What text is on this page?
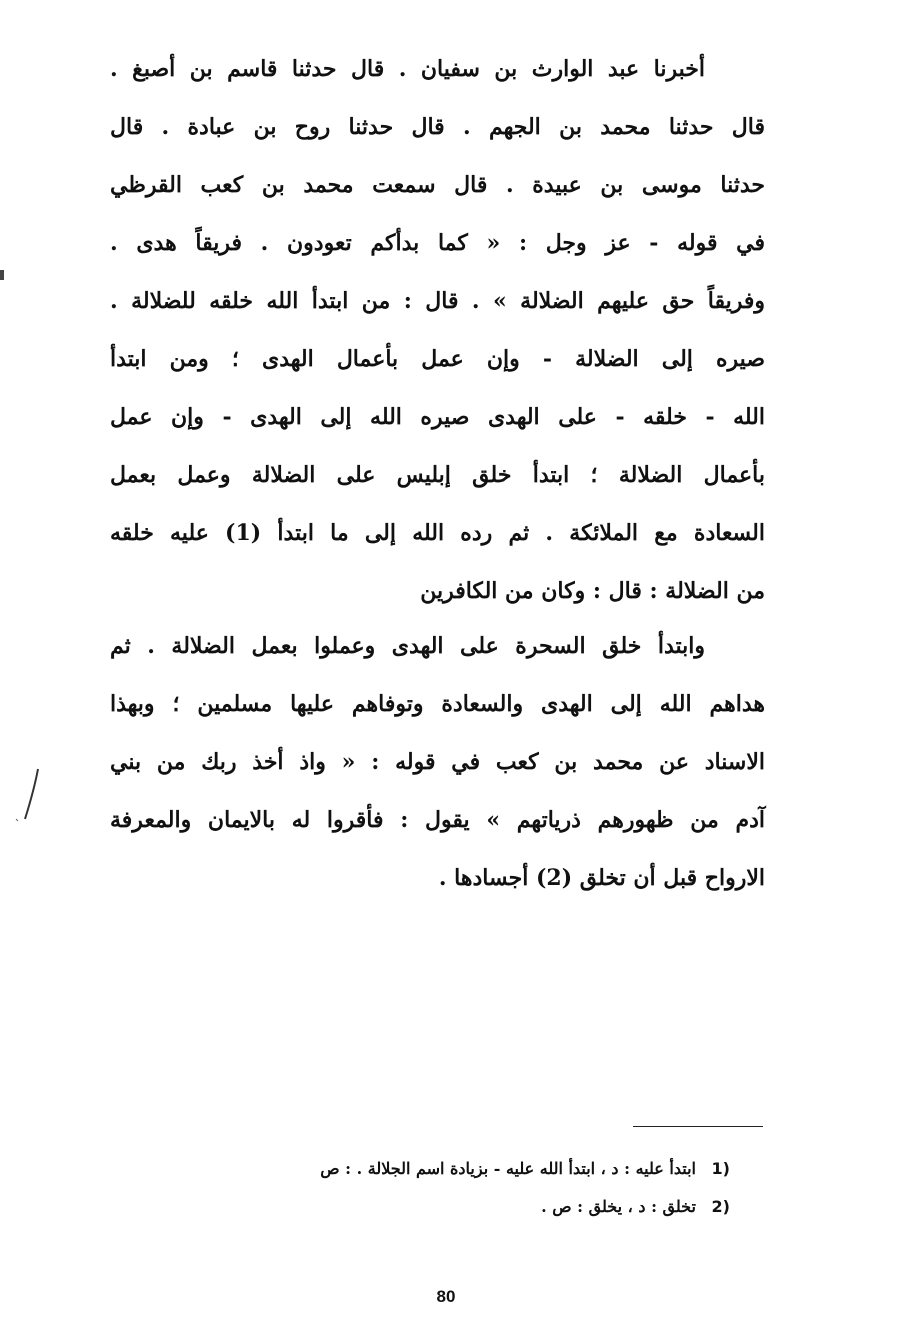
أخبرنا عبد الوارث بن سفيان . قال حدثنا قاسم بن أصبغ .
قال حدثنا محمد بن الجهم . قال حدثنا روح بن عبادة . قال
حدثنا موسى بن عبيدة . قال سمعت محمد بن كعب القرظي
في قوله - عز وجل : « كما بدأكم تعودون . فريقاً هدى .
وفريقاً حق عليهم الضلالة » . قال : من ابتدأ الله خلقه للضلالة .
صيره إلى الضلالة - وإن عمل بأعمال الهدى ؛ ومن ابتدأ
الله - خلقه - على الهدى صيره الله إلى الهدى - وإن عمل
بأعمال الضلالة ؛ ابتدأ خلق إبليس على الضلالة وعمل بعمل
السعادة مع الملائكة . ثم رده الله إلى ما ابتدأ (1) عليه خلقه
من الضلالة : قال : وكان من الكافرين
وابتدأ خلق السحرة على الهدى وعملوا بعمل الضلالة . ثم
هداهم الله إلى الهدى والسعادة وتوفاهم عليها مسلمين ؛ وبهذا
الاسناد عن محمد بن كعب في قوله : « واذ أخذ ربك من بني
آدم من ظهورهم ذرياتهم » يقول : فأقروا له بالايمان والمعرفة
الارواح قبل أن تخلق (2) أجسادها .
1) ابتدأ عليه : د ، ابتدأ الله عليه - بزيادة اسم الجلالة . : ص
2) تخلق : د ، يخلق : ص .
80
